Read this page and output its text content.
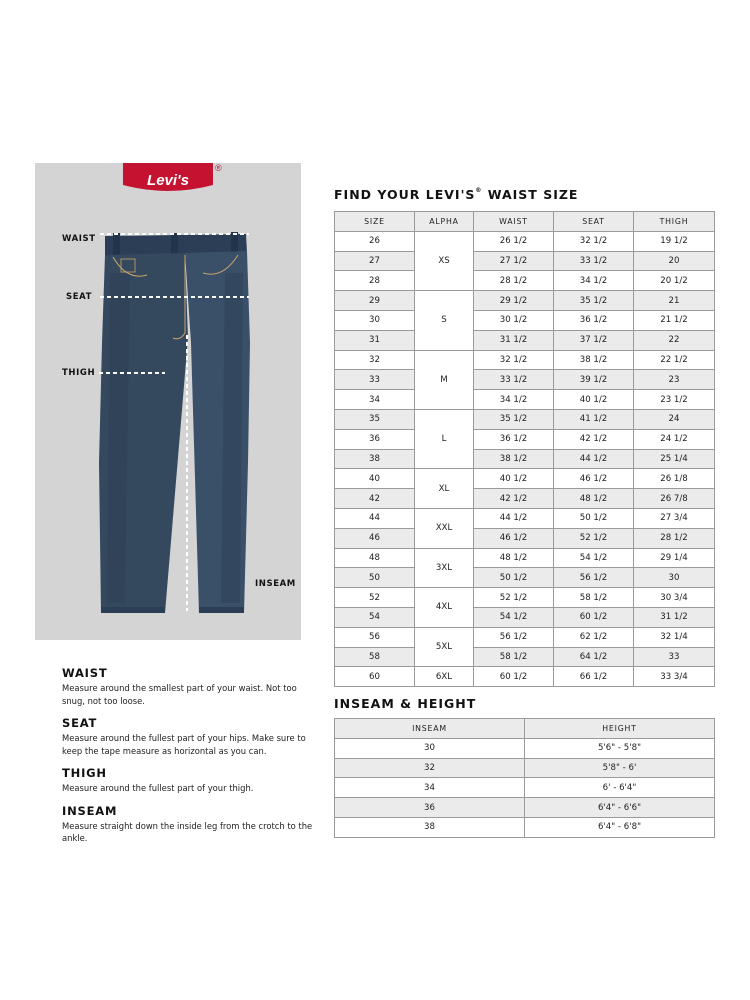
Levi's
®
WAIST
SEAT
THIGH
INSEAM

WAIST

Measure around the smallest part of your waist. Not too snug, not too loose.

SEAT

Measure around the fullest part of your hips. Make sure to keep the tape measure as horizontal as you can.

THIGH

Measure around the fullest part of your thigh.

INSEAM

Measure straight down the inside leg from the crotch to the ankle.

FIND YOUR LEVI'S® WAIST SIZE
SIZE	ALPHA	WAIST	SEAT	THIGH
26	XS	26 1/2	32 1/2	19 1/2
27		27 1/2	33 1/2	20
28		28 1/2	34 1/2	20 1/2
29	S	29 1/2	35 1/2	21
30		30 1/2	36 1/2	21 1/2
31		31 1/2	37 1/2	22
32	M	32 1/2	38 1/2	22 1/2
33		33 1/2	39 1/2	23
34		34 1/2	40 1/2	23 1/2
35	L	35 1/2	41 1/2	24
36		36 1/2	42 1/2	24 1/2
38		38 1/2	44 1/2	25 1/4
40	XL	40 1/2	46 1/2	26 1/8
42		42 1/2	48 1/2	26 7/8
44	XXL	44 1/2	50 1/2	27 3/4
46		46 1/2	52 1/2	28 1/2
48	3XL	48 1/2	54 1/2	29 1/4
50		50 1/2	56 1/2	30
52	4XL	52 1/2	58 1/2	30 3/4
54		54 1/2	60 1/2	31 1/2
56	5XL	56 1/2	62 1/2	32 1/4
58		58 1/2	64 1/2	33
60	6XL	60 1/2	66 1/2	33 3/4
INSEAM & HEIGHT
INSEAM	HEIGHT
30	5'6" - 5'8"
32	5'8" - 6'
34	6' - 6'4"
36	6'4" - 6'6"
38	6'4" - 6'8"
